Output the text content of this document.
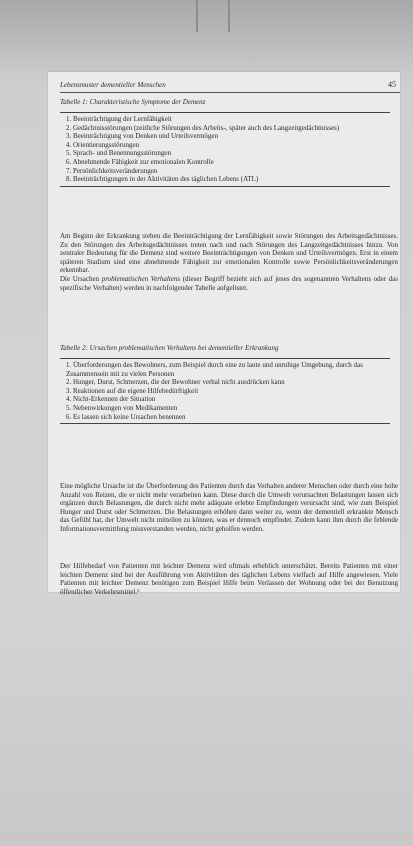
Lebensmuster dementieller Menschen	45
Tabelle 1: Charakteristische Symptome der Demenz
1. Beeinträchtigung der Lernfähigkeit
2. Gedächtnisstörungen (zeitliche Störungen des Arbeits-, später auch des Langzeitgedächtnisses)
3. Beeinträchtigung von Denken und Urteilsvermögen
4. Orientierungsstörungen
5. Sprach- und Benennungsstörungen
6. Abnehmende Fähigkeit zur emotionalen Kontrolle
7. Persönlichkeitsveränderungen
8. Beeinträchtigungen in der Aktivitäten des täglichen Lebens (ATL)

Am Beginn der Erkrankung stehen die Beeinträchtigung der Lernfähigkeit sowie Störungen des Arbeitsgedächtnisses. Zu den Störungen des Arbeitsgedächtnisses treten nach und nach Störungen des Langzeitgedächtnisses hinzu. Von zentraler Bedeutung für die Demenz sind weitere Beeinträchtigungen von Denken und Urteilsvermögen. Erst in einem späteren Stadium sind eine abnehmende Fähigkeit zur emotionalen Kontrolle sowie Persönlichkeitsveränderungen erkennbar.
Die Ursachen problematischen Verhaltens (dieser Begriff bezieht sich auf jenes des sogenannten Verhaltens oder das spezifische Verhalten) werden in nachfolgender Tabelle aufgelistet.

Tabelle 2: Ursachen problematischen Verhaltens bei dementieller Erkrankung
1. Überforderungen des Bewohners, zum Beispiel durch eine zu laute und unruhige Umgebung, durch das Zusammensein mit zu vielen Personen
2. Hunger, Durst, Schmerzen, die der Bewohner verbal nicht ausdrücken kann
3. Reaktionen auf die eigene Hilfebedürftigkeit
4. Nicht-Erkennen der Situation
5. Nebenwirkungen von Medikamenten
6. Es lassen sich keine Ursachen benennen

Eine mögliche Ursache ist die Überforderung des Patienten durch das Verhalten anderer Menschen oder durch eine hohe Anzahl von Reizen, die er nicht mehr verarbeiten kann. Diese durch die Umwelt verursachten Belastungen lassen sich ergänzen durch Belastungen, die durch nicht mehr adäquate erlebte Empfindungen verursacht sind, wie zum Beispiel Hunger und Durst oder Schmerzen. Die Belastungen erhöhen dann weiter zu, wenn der dementiell erkrankte Mensch das Gefühl hat, der Umwelt nicht mitteilen zu können, was er dennoch empfindet. Zudem kann ihm durch die fehlende Informationsvermittlung missverstanden werden, nicht geholfen werden.

Der Hilfebedarf von Patienten mit leichter Demenz wird oftmals erheblich unterschätzt. Bereits Patienten mit einer leichten Demenz sind bei der Ausführung von Aktivitäten des täglichen Lebens vielfach auf Hilfe angewiesen. Viele Patienten mit leichter Demenz benötigen zum Beispiel Hilfe beim Verlassen der Wohnung oder bei der Benutzung öffentlicher Verkehrsmittel.⁶
